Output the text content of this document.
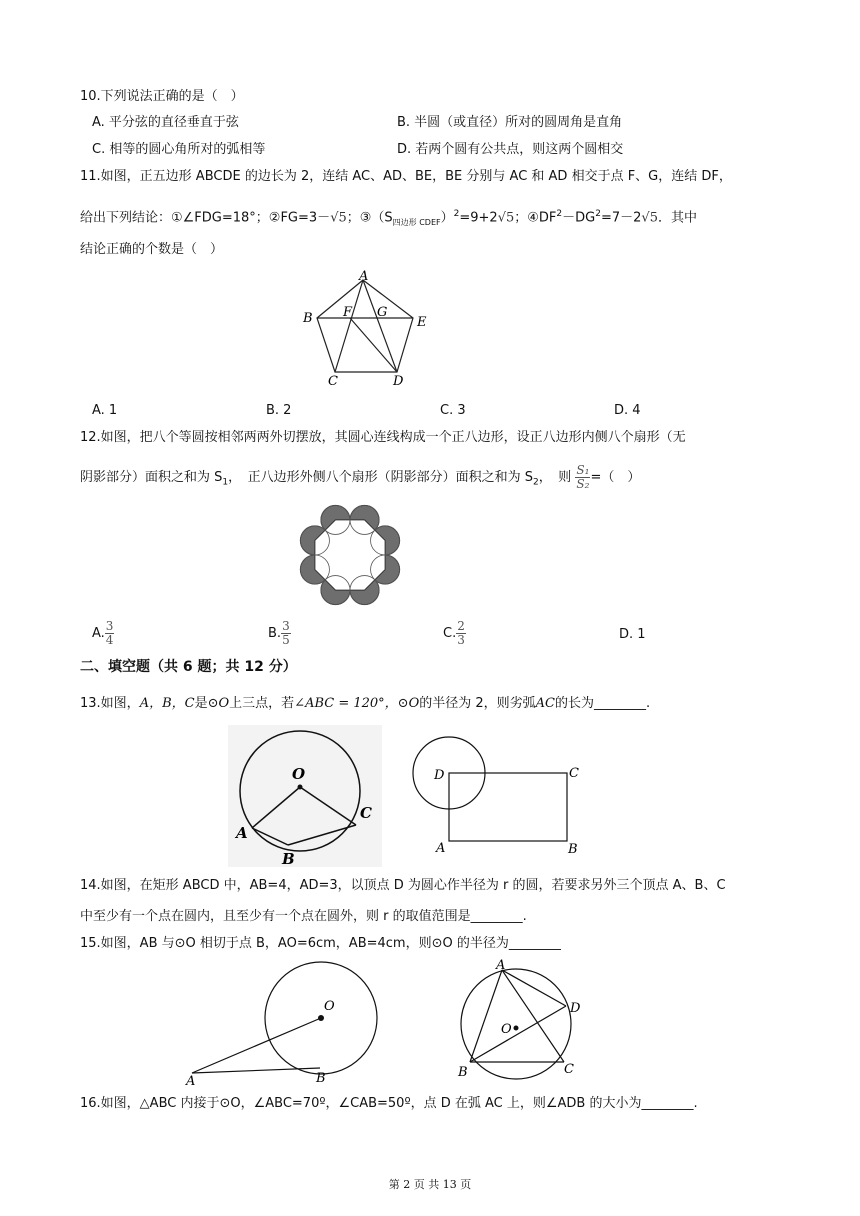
10.下列说法正确的是（　）
A. 平分弦的直径垂直于弦	B. 半圆（或直径）所对的圆周角是直角
C. 相等的圆心角所对的弧相等	D. 若两个圆有公共点，则这两个圆相交
11.如图，正五边形 ABCDE 的边长为 2，连结 AC、AD、BE，BE 分别与 AC 和 AD 相交于点 F、G，连结 DF，
给出下列结论：①∠FDG=18°；②FG=3－√5；$③(S_{四边形 CDEF})^2=9+2√5$；$④DF^2-DG^2=7-2√5$．其中
结论正确的个数是（　）
A
B
C	D
E
F G
A. 1	B. 2	C. 3	D. 4
12.如图，把八个等圆按相邻两两外切摆放，其圆心连线构成一个正八边形，设正八边形内侧八个扇形（无
阴影部分）面积之和为 $S_1$，　正八边形外侧八个扇形（阴影部分）面积之和为 $S_2$，　则 $\frac{\text{S₁}}{\text{S₂}}$ =（　）
A. $\frac{3}{4}$	B. $\frac{3}{5}$	C. $\frac{2}{3}$	D. 1
二、填空题（共 6 题；共 12 分）
13.如图，A，B，C是⊙O上三点，若∠ABC = 120°，⊙O的半径为 2，则劣弧AC的长为________.
O
A
B
C
D	C
A	B
14.如图，在矩形 ABCD 中，AB=4，AD=3，以顶点 D 为圆心作半径为 r 的圆，若要求另外三个顶点 A、B、C
中至少有一个点在圆内，且至少有一个点在圆外，则 r 的取值范围是________.
15.如图，AB 与⊙O 相切于点 B，AO=6cm，AB=4cm，则⊙O 的半径为________
O
A	B
A
D
O
B	C
16.如图，△ABC 内接于⊙O，∠ABC=70º，∠CAB=50º，点 D 在弧 AC 上，则∠ADB 的大小为________.
第 2 页 共 13 页
